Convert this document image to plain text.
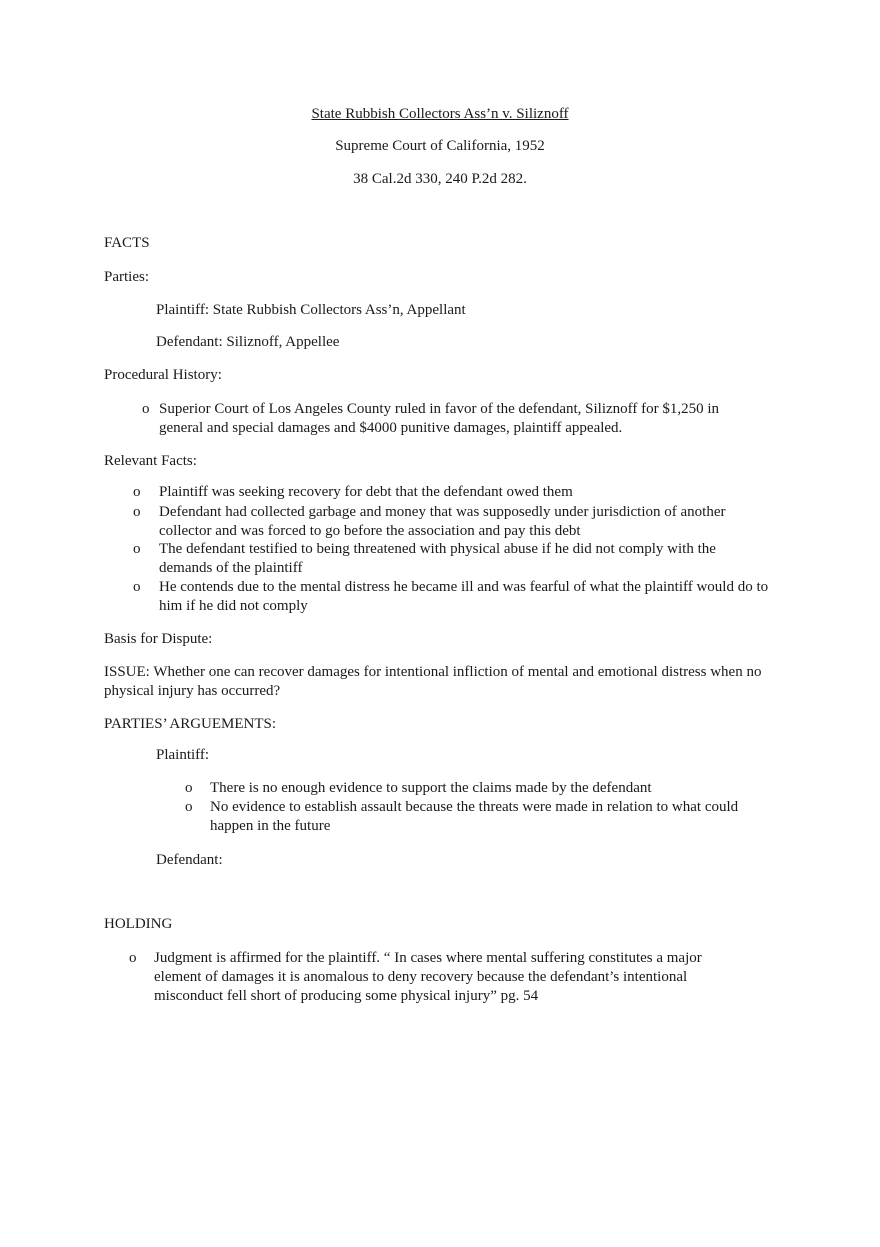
State Rubbish Collectors Ass’n v. Siliznoff

Supreme Court of California, 1952

38 Cal.2d 330, 240 P.2d 282.

FACTS

Parties:

Plaintiff: State Rubbish Collectors Ass’n, Appellant

Defendant: Siliznoff, Appellee

Procedural History:

o Superior Court of Los Angeles County ruled in favor of the defendant, Siliznoff for $1,250 in general and special damages and $4000 punitive damages, plaintiff appealed.

Relevant Facts:

o Plaintiff was seeking recovery for debt that the defendant owed them
o Defendant had collected garbage and money that was supposedly under jurisdiction of another collector and was forced to go before the association and pay this debt
o The defendant testified to being threatened with physical abuse if he did not comply with the demands of the plaintiff
o He contends due to the mental distress he became ill and was fearful of what the plaintiff would do to him if he did not comply

Basis for Dispute:

ISSUE: Whether one can recover damages for intentional infliction of mental and emotional distress when no physical injury has occurred?

PARTIES’ ARGUEMENTS:

Plaintiff:

o There is no enough evidence to support the claims made by the defendant
o No evidence to establish assault because the threats were made in relation to what could happen in the future

Defendant:

HOLDING

o Judgment is affirmed for the plaintiff. “ In cases where mental suffering constitutes a major element of damages it is anomalous to deny recovery because the defendant’s intentional misconduct fell short of producing some physical injury” pg. 54
